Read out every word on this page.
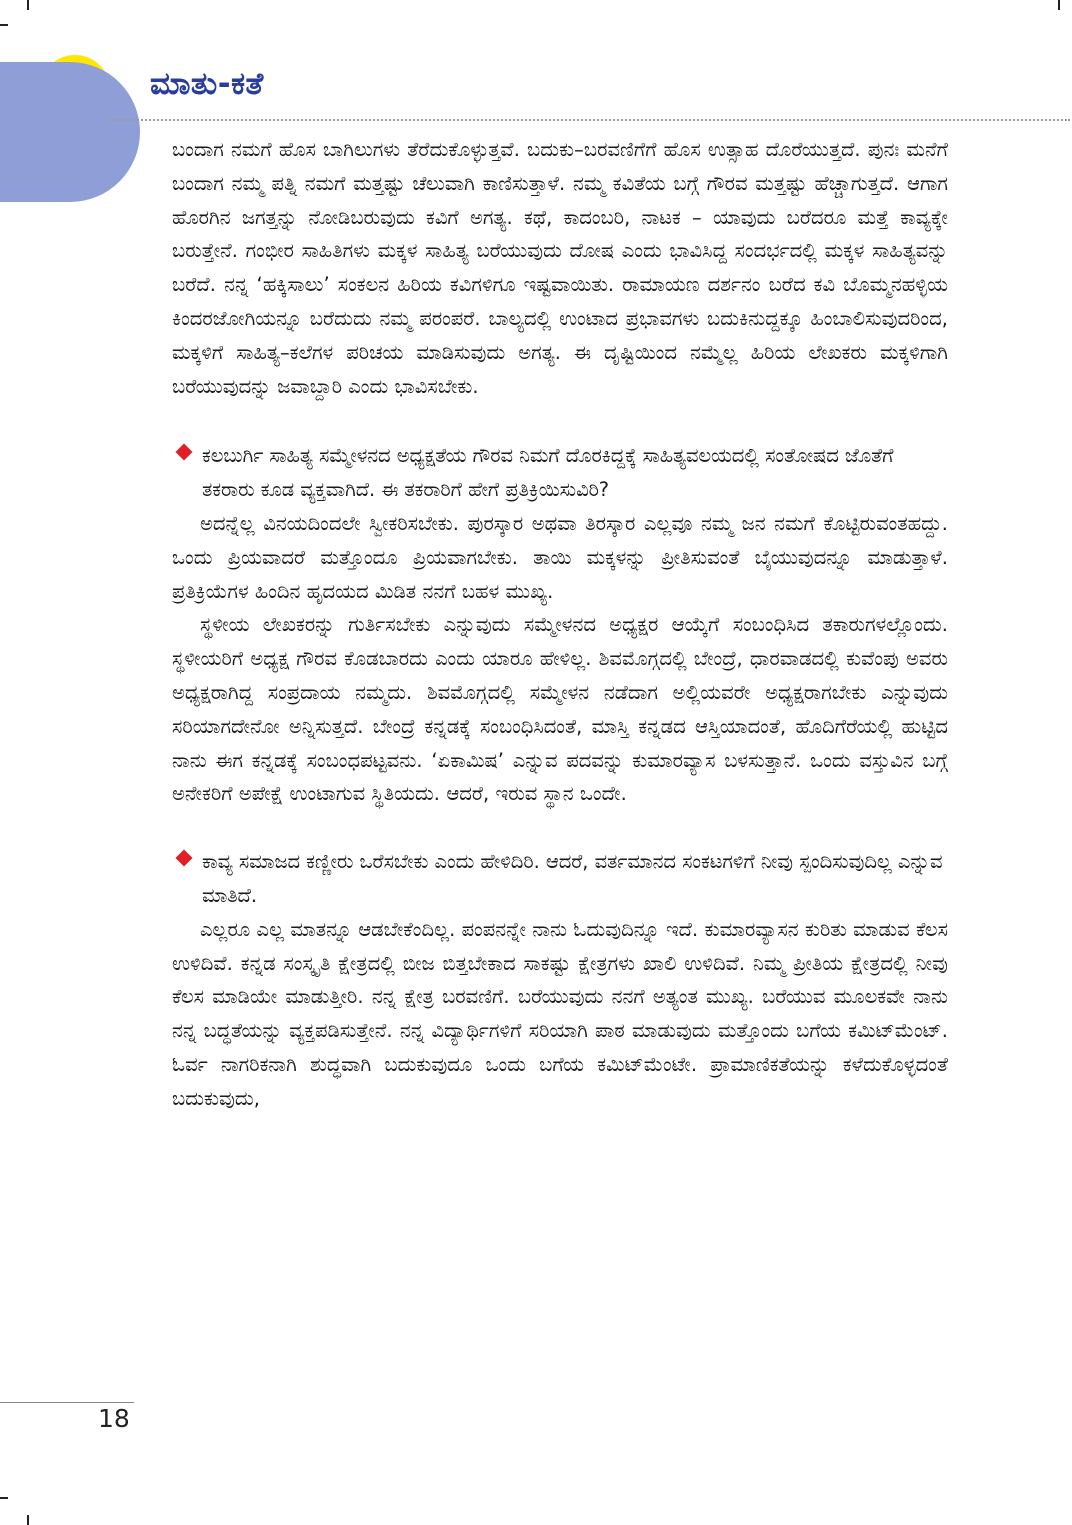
ಮಾತು-ಕತೆ

ಬಂದಾಗ ನಮಗೆ ಹೊಸ ಬಾಗಿಲುಗಳು ತೆರೆದುಕೊಳ್ಳುತ್ತವೆ. ಬದುಕು–ಬರವಣಿಗೆಗೆ ಹೊಸ ಉತ್ಸಾಹ ದೊರೆಯುತ್ತದೆ. ಪುನಃ ಮನೆಗೆ ಬಂದಾಗ ನಮ್ಮ ಪತ್ನಿ ನಮಗೆ ಮತ್ತಷ್ಟು ಚೆಲುವಾಗಿ ಕಾಣಿಸುತ್ತಾಳೆ. ನಮ್ಮ ಕವಿತೆಯ ಬಗ್ಗೆ ಗೌರವ ಮತ್ತಷ್ಟು ಹೆಚ್ಚಾಗುತ್ತದೆ. ಆಗಾಗ ಹೊರಗಿನ ಜಗತ್ತನ್ನು ನೋಡಿಬರುವುದು ಕವಿಗೆ ಅಗತ್ಯ. ಕಥೆ, ಕಾದಂಬರಿ, ನಾಟಕ – ಯಾವುದು ಬರೆದರೂ ಮತ್ತೆ ಕಾವ್ಯಕ್ಕೇ ಬರುತ್ತೇನೆ. ಗಂಭೀರ ಸಾಹಿತಿಗಳು ಮಕ್ಕಳ ಸಾಹಿತ್ಯ ಬರೆಯುವುದು ದೋಷ ಎಂದು ಭಾವಿಸಿದ್ದ ಸಂದರ್ಭದಲ್ಲಿ ಮಕ್ಕಳ ಸಾಹಿತ್ಯವನ್ನು ಬರೆದೆ. ನನ್ನ ‘ಹಕ್ಕಿಸಾಲು’ ಸಂಕಲನ ಹಿರಿಯ ಕವಿಗಳಿಗೂ ಇಷ್ಟವಾಯಿತು. ರಾಮಾಯಣ ದರ್ಶನಂ ಬರೆದ ಕವಿ ಬೊಮ್ಮನಹಳ್ಳಿಯ ಕಿಂದರಜೋಗಿಯನ್ನೂ ಬರೆದುದು ನಮ್ಮ ಪರಂಪರೆ. ಬಾಲ್ಯದಲ್ಲಿ ಉಂಟಾದ ಪ್ರಭಾವಗಳು ಬದುಕಿನುದ್ದಕ್ಕೂ ಹಿಂಬಾಲಿಸುವುದರಿಂದ, ಮಕ್ಕಳಿಗೆ ಸಾಹಿತ್ಯ–ಕಲೆಗಳ ಪರಿಚಯ ಮಾಡಿಸುವುದು ಅಗತ್ಯ. ಈ ದೃಷ್ಟಿಯಿಂದ ನಮ್ಮೆಲ್ಲ ಹಿರಿಯ ಲೇಖಕರು ಮಕ್ಕಳಿಗಾಗಿ ಬರೆಯುವುದನ್ನು ಜವಾಬ್ದಾರಿ ಎಂದು ಭಾವಿಸಬೇಕು.

ಕಲಬುರ್ಗಿ ಸಾಹಿತ್ಯ ಸಮ್ಮೇಳನದ ಅಧ್ಯಕ್ಷತೆಯ ಗೌರವ ನಿಮಗೆ ದೊರಕಿದ್ದಕ್ಕೆ ಸಾಹಿತ್ಯವಲಯದಲ್ಲಿ ಸಂತೋಷದ ಜೊತೆಗೆ ತಕರಾರು ಕೂಡ ವ್ಯಕ್ತವಾಗಿದೆ. ಈ ತಕರಾರಿಗೆ ಹೇಗೆ ಪ್ರತಿಕ್ರಿಯಿಸುವಿರಿ?

ಅದನ್ನೆಲ್ಲ ವಿನಯದಿಂದಲೇ ಸ್ವೀಕರಿಸಬೇಕು. ಪುರಸ್ಕಾರ ಅಥವಾ ತಿರಸ್ಕಾರ ಎಲ್ಲವೂ ನಮ್ಮ ಜನ ನಮಗೆ ಕೊಟ್ಟಿರುವಂತಹದ್ದು. ಒಂದು ಪ್ರಿಯವಾದರೆ ಮತ್ತೊಂದೂ ಪ್ರಿಯವಾಗಬೇಕು. ತಾಯಿ ಮಕ್ಕಳನ್ನು ಪ್ರೀತಿಸುವಂತೆ ಬೈಯುವುದನ್ನೂ ಮಾಡುತ್ತಾಳೆ. ಪ್ರತಿಕ್ರಿಯೆಗಳ ಹಿಂದಿನ ಹೃದಯದ ಮಿಡಿತ ನನಗೆ ಬಹಳ ಮುಖ್ಯ.

ಸ್ಥಳೀಯ ಲೇಖಕರನ್ನು ಗುರ್ತಿಸಬೇಕು ಎನ್ನುವುದು ಸಮ್ಮೇಳನದ ಅಧ್ಯಕ್ಷರ ಆಯ್ಕೆಗೆ ಸಂಬಂಧಿಸಿದ ತಕಾರುಗಳಲ್ಲೊಂದು. ಸ್ಥಳೀಯರಿಗೆ ಅಧ್ಯಕ್ಷ ಗೌರವ ಕೊಡಬಾರದು ಎಂದು ಯಾರೂ ಹೇಳಿಲ್ಲ. ಶಿವಮೊಗ್ಗದಲ್ಲಿ ಬೇಂದ್ರೆ, ಧಾರವಾಡದಲ್ಲಿ ಕುವೆಂಪು ಅವರು ಅಧ್ಯಕ್ಷರಾಗಿದ್ದ ಸಂಪ್ರದಾಯ ನಮ್ಮದು. ಶಿವಮೊಗ್ಗದಲ್ಲಿ ಸಮ್ಮೇಳನ ನಡೆದಾಗ ಅಲ್ಲಿಯವರೇ ಅಧ್ಯಕ್ಷರಾಗಬೇಕು ಎನ್ನುವುದು ಸರಿಯಾಗದೇನೋ ಅನ್ನಿಸುತ್ತದೆ. ಬೇಂದ್ರೆ ಕನ್ನಡಕ್ಕೆ ಸಂಬಂಧಿಸಿದಂತೆ, ಮಾಸ್ತಿ ಕನ್ನಡದ ಆಸ್ತಿಯಾದಂತೆ, ಹೊದಿಗೆರೆಯಲ್ಲಿ ಹುಟ್ಟಿದ ನಾನು ಈಗ ಕನ್ನಡಕ್ಕೆ ಸಂಬಂಧಪಟ್ಟವನು. ‘ಏಕಾಮಿಷ’ ಎನ್ನುವ ಪದವನ್ನು ಕುಮಾರವ್ಯಾಸ ಬಳಸುತ್ತಾನೆ. ಒಂದು ವಸ್ತುವಿನ ಬಗ್ಗೆ ಅನೇಕರಿಗೆ ಅಪೇಕ್ಷೆ ಉಂಟಾಗುವ ಸ್ಥಿತಿಯದು. ಆದರೆ, ಇರುವ ಸ್ಥಾನ ಒಂದೇ.

ಕಾವ್ಯ ಸಮಾಜದ ಕಣ್ಣೀರು ಒರೆಸಬೇಕು ಎಂದು ಹೇಳಿದಿರಿ. ಆದರೆ, ವರ್ತಮಾನದ ಸಂಕಟಗಳಿಗೆ ನೀವು ಸ್ಪಂದಿಸುವುದಿಲ್ಲ ಎನ್ನುವ ಮಾತಿದೆ.

ಎಲ್ಲರೂ ಎಲ್ಲ ಮಾತನ್ನೂ ಆಡಬೇಕೆಂದಿಲ್ಲ. ಪಂಪನನ್ನೇ ನಾನು ಓದುವುದಿನ್ನೂ ಇದೆ. ಕುಮಾರವ್ಯಾಸನ ಕುರಿತು ಮಾಡುವ ಕೆಲಸ ಉಳಿದಿವೆ. ಕನ್ನಡ ಸಂಸ್ಕೃತಿ ಕ್ಷೇತ್ರದಲ್ಲಿ ಬೀಜ ಬಿತ್ತಬೇಕಾದ ಸಾಕಷ್ಟು ಕ್ಷೇತ್ರಗಳು ಖಾಲಿ ಉಳಿದಿವೆ. ನಿಮ್ಮ ಪ್ರೀತಿಯ ಕ್ಷೇತ್ರದಲ್ಲಿ ನೀವು ಕೆಲಸ ಮಾಡಿಯೇ ಮಾಡುತ್ತೀರಿ. ನನ್ನ ಕ್ಷೇತ್ರ ಬರವಣಿಗೆ. ಬರೆಯುವುದು ನನಗೆ ಅತ್ಯಂತ ಮುಖ್ಯ. ಬರೆಯುವ ಮೂಲಕವೇ ನಾನು ನನ್ನ ಬದ್ಧತೆಯನ್ನು ವ್ಯಕ್ತಪಡಿಸುತ್ತೇನೆ. ನನ್ನ ವಿದ್ಯಾರ್ಥಿಗಳಿಗೆ ಸರಿಯಾಗಿ ಪಾಠ ಮಾಡುವುದು ಮತ್ತೊಂದು ಬಗೆಯ ಕಮಿಟ್‌ಮೆಂಟ್. ಓರ್ವ ನಾಗರಿಕನಾಗಿ ಶುದ್ಧವಾಗಿ ಬದುಕುವುದೂ ಒಂದು ಬಗೆಯ ಕಮಿಟ್‌ಮೆಂಟೇ. ಪ್ರಾಮಾಣಿಕತೆಯನ್ನು ಕಳೆದುಕೊಳ್ಳದಂತೆ ಬದುಕುವುದು,

18
